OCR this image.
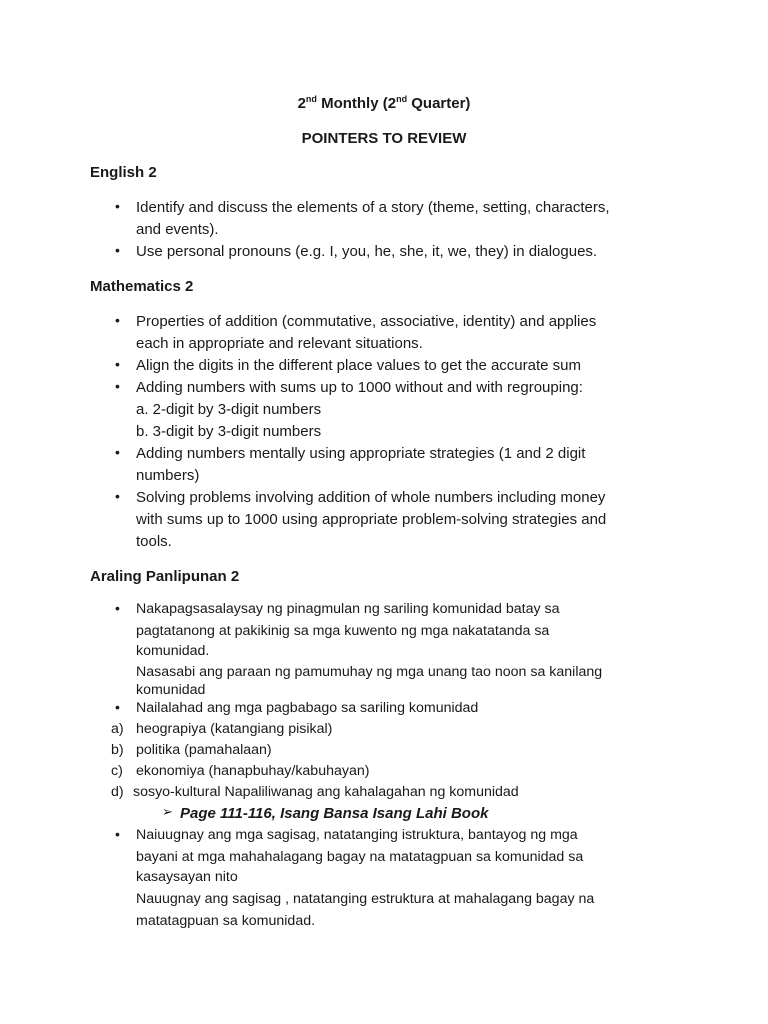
2nd Monthly (2nd Quarter)
POINTERS TO REVIEW
English 2
• Identify and discuss the elements of a story (theme, setting, characters,
and events).
• Use personal pronouns (e.g. I, you, he, she, it, we, they) in dialogues.
Mathematics 2
• Properties of addition (commutative, associative, identity) and applies
each in appropriate and relevant situations.
• Align the digits in the different place values to get the accurate sum
• Adding numbers with sums up to 1000 without and with regrouping:
a. 2-digit by 3-digit numbers
b. 3-digit by 3-digit numbers
• Adding numbers mentally using appropriate strategies (1 and 2 digit
numbers)
• Solving problems involving addition of whole numbers including money
with sums up to 1000 using appropriate problem-solving strategies and
tools.
Araling Panlipunan 2
• Nakapagsasalaysay ng pinagmulan ng sariling komunidad batay sa
pagtatanong at pakikinig sa mga kuwento ng mga nakatatanda sa
komunidad.
Nasasabi ang paraan ng pamumuhay ng mga unang tao noon sa kanilang
komunidad
• Nailalahad ang mga pagbabago sa sariling komunidad
a) heograpiya (katangiang pisikal)
b) politika (pamahalaan)
c) ekonomiya (hanapbuhay/kabuhayan)
d) sosyo-kultural Napaliliwanag ang kahalagahan ng komunidad
➢ Page 111-116, Isang Bansa Isang Lahi Book
• Naiuugnay ang mga sagisag, natatanging istruktura, bantayog ng mga
bayani at mga mahahalagang bagay na matatagpuan sa komunidad sa
kasaysayan nito
Nauugnay ang sagisag , natatanging estruktura at mahalagang bagay na
matatagpuan sa komunidad.
